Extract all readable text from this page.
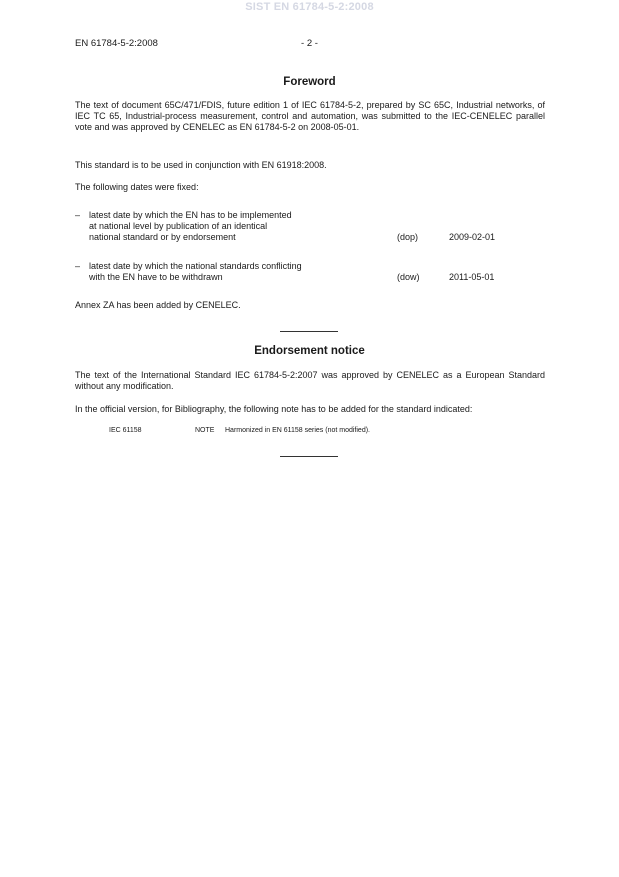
SIST EN 61784-5-2:2008
EN 61784-5-2:2008	- 2 -
Foreword
The text of document 65C/471/FDIS, future edition 1 of IEC 61784-5-2, prepared by SC 65C, Industrial networks, of IEC TC 65, Industrial-process measurement, control and automation, was submitted to the IEC-CENELEC parallel vote and was approved by CENELEC as EN 61784-5-2 on 2008-05-01.
This standard is to be used in conjunction with EN 61918:2008.
The following dates were fixed:
– latest date by which the EN has to be implemented
at national level by publication of an identical
national standard or by endorsement	(dop)	2009-02-01
– latest date by which the national standards conflicting
with the EN have to be withdrawn	(dow)	2011-05-01
Annex ZA has been added by CENELEC.
Endorsement notice
The text of the International Standard IEC 61784-5-2:2007 was approved by CENELEC as a European Standard without any modification.
In the official version, for Bibliography, the following note has to be added for the standard indicated:
IEC 61158	NOTE Harmonized in EN 61158 series (not modified).
